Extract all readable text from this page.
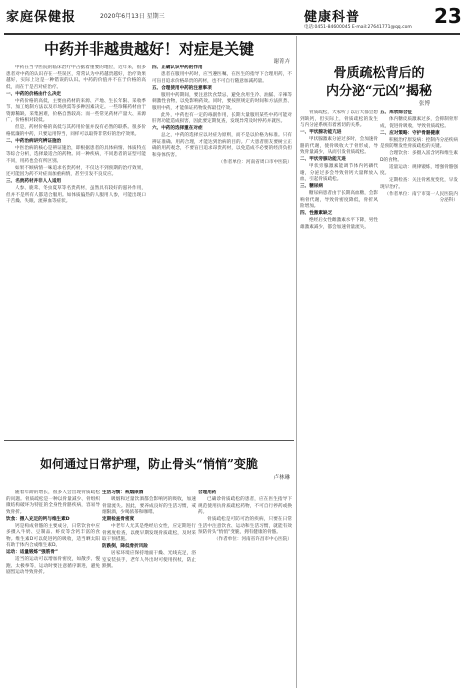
家庭保健报	2020年6月13日 星期三	健康科普
电话:0451-84600045 E-mail:27641771@qq.com 23
中药并非越贵越好！对症是关键
谢菁卉

中药在当今医院的临床治疗中占据着重要的地位，近年来，很多患者对中药的认识存在一些误区，常常认为中药越贵越好，治疗效果越好，实际上这是一种错误的认识。中药的价值并不在于价格的高低，而在于是否对症治疗。

一、中药的价格由什么决定

中药价格的高低，主要由药材的来源、产地、生长年限、采收季节、加工炮制方法以及市场供需等多种因素决定。一些珍稀药材由于资源稀缺、采集困难，价格自然较高；而一些常见药材产量大、来源广，价格相对较低。

但是，药材价格的高低与其药用价值并没有必然的联系。很多价格低廉的中药，只要运用得当，同样可以取得非常好的治疗效果。

二、中药治病讲究辨证施治

中医治病的核心是辨证施治，即根据患者的具体病情、体质特点等综合分析，选择最适合的药物。同一种疾病，不同患者的证型可能不同，用药也会有所区别。

如果不顾病情一味追求名贵药材，不仅达不到预期的治疗效果，还可能因为药不对症而加重病情，甚至引发不良反应。

三、名贵药材并非人人适用

人参、鹿茸、冬虫夏草等名贵药材，虽然具有较好的滋补作用，但并不是所有人都适合服用。如体质偏热的人服用人参，可能出现口干舌燥、失眠、流鼻血等症状。

四、正确认识中药的作用

患者在服用中药时，应当遵医嘱，在医生的指导下合理用药，不可盲目追求价格昂贵的药材，也不可自行随意加减药量。

五、合理使用中药的注意事项

服用中药期间，要注意饮食禁忌，避免食用生冷、油腻、辛辣等刺激性食物，以免影响药效。同时，要按照规定的时间和方法煎煮、服用中药，才能保证药物发挥最佳疗效。

此外，中药也有一定的毒副作用，长期大量服用某些中药可能对肝肾功能造成损害，因此要定期复查，发现异常及时停药并就医。

六、中药的选择重在对症

总之，中药的选择应以对症为原则，而不是以价格为标准。只有辨证准确、用药合理，才能达到治病的目的。广大患者朋友要树立正确的用药观念，不要盲目追求昂贵药材，以免造成不必要的经济负担和身体伤害。

（作者单位：河南省周口市中医院）

如何通过日常护理，防止骨头“悄悄”变脆
卢林琳

随着年龄的增长，很多人会出现骨质疏松的问题。骨质疏松是一种以骨量减少、骨组织微结构破坏为特征的全身性骨骼疾病，容易导致骨折。

饮食：摄入充足的钙与维生素D

钙是构成骨骼的主要成分，日常饮食中应多摄入牛奶、豆制品、虾皮等含钙丰富的食物。维生素D可以促进钙的吸收，适当晒太阳有助于体内合成维生素D。

运动：适量锻炼“强筋骨”

适当的运动可以增加骨密度，如散步、慢跑、太极拳等，运动时要注意循序渐进，避免剧烈运动导致骨折。

生活习惯：戒烟限酒

吸烟和过量饮酒都会影响钙的吸收，加速骨量流失。因此，要养成良好的生活习惯，戒烟限酒，少喝浓茶和咖啡。

定期检查骨密度

中老年人尤其是绝经后女性，应定期进行骨密度检查，以便早期发现骨质疏松，及时采取干预措施。

防跌倒，降低骨折风险

居家环境应保持地面干燥、光线充足，浴室安装扶手，老年人外出时可使用拐杖，防止跌倒。

合理用药

已确诊骨质疏松的患者，应在医生指导下规范使用抗骨质疏松药物，不可自行停药或换药。

骨质疏松是可防可治的疾病，只要在日常生活中注意饮食、运动和生活习惯，就能有效预防骨头“悄悄”变脆，拥有健康的骨骼。

（作者单位：河南省许昌市中心医院）

骨质疏松背后的
内分泌“元凶”揭秘
张博

骨质疏松，大家听了以后大都会想到缺钙，但实际上，骨质疏松的发生与内分泌系统有着密切的关系。

一、甲状腺功能亢进

甲状腺激素分泌过多时，会加速骨骼的代谢，使骨吸收大于骨形成，导致骨量减少，从而引发骨质疏松。

二、甲状旁腺功能亢进

甲状旁腺激素能调节体内钙磷代谢，分泌过多会导致骨钙大量释放入血，引起骨质疏松。

三、糖尿病

糖尿病患者由于长期高血糖，会影响骨代谢，导致骨密度降低，骨折风险增加。

四、性激素缺乏

绝经后女性雌激素水平下降，男性雄激素减少，都会加速骨量流失。

五、库欣综合征

体内糖皮质激素过多，会抑制骨形成，促进骨吸收，导致骨质疏松。

二、应对策略：守护骨骼健康

积极治疗原发病：控制内分泌疾病是预防继发性骨质疏松的关键。

合理饮食：多摄入富含钙和维生素D的食物。

适量运动：规律锻炼，增强骨骼强度。

定期检查：关注骨密度变化，早发现早治疗。

（作者单位：南宁市第一人民医院内分泌科）
